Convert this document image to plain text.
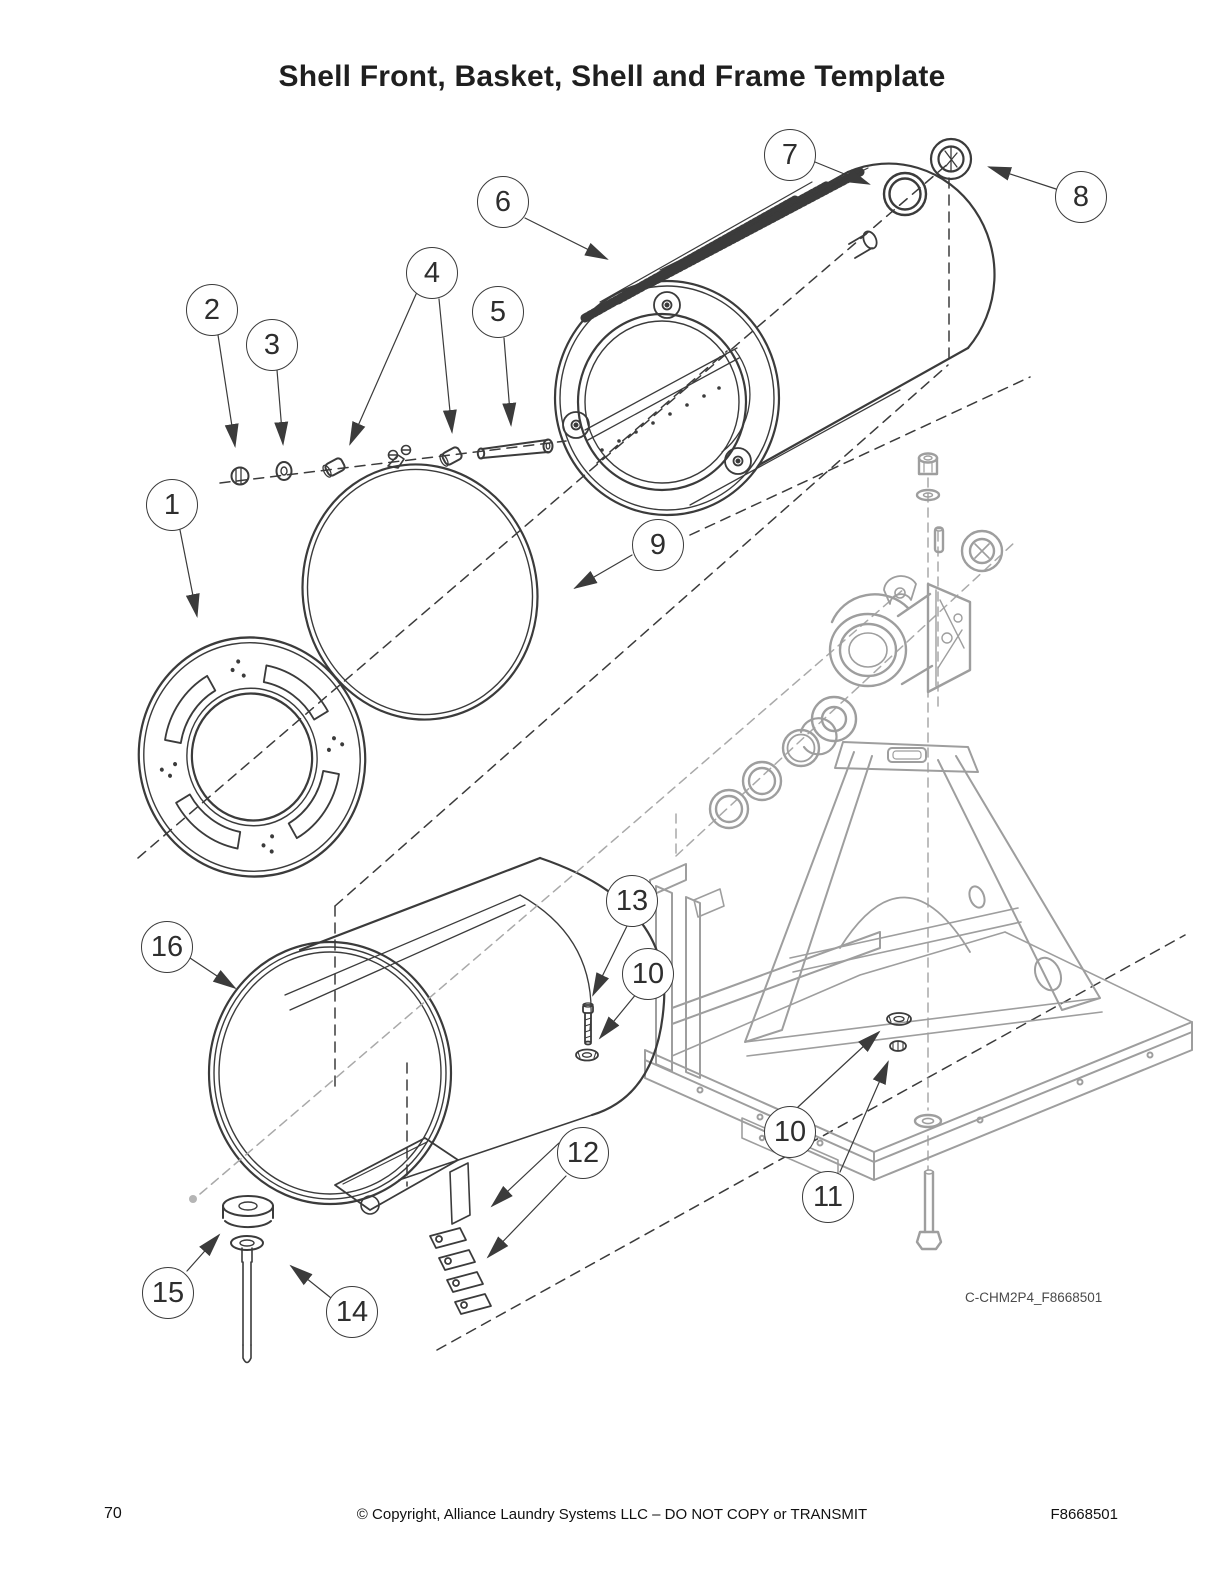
Shell Front, Basket, Shell and Frame Template
1
2
3
4
5
6
7
8
9
10
10
11
12
13
14
15
16
C-CHM2P4_F8668501
70	© Copyright, Alliance Laundry Systems LLC – DO NOT COPY or TRANSMIT	F8668501
